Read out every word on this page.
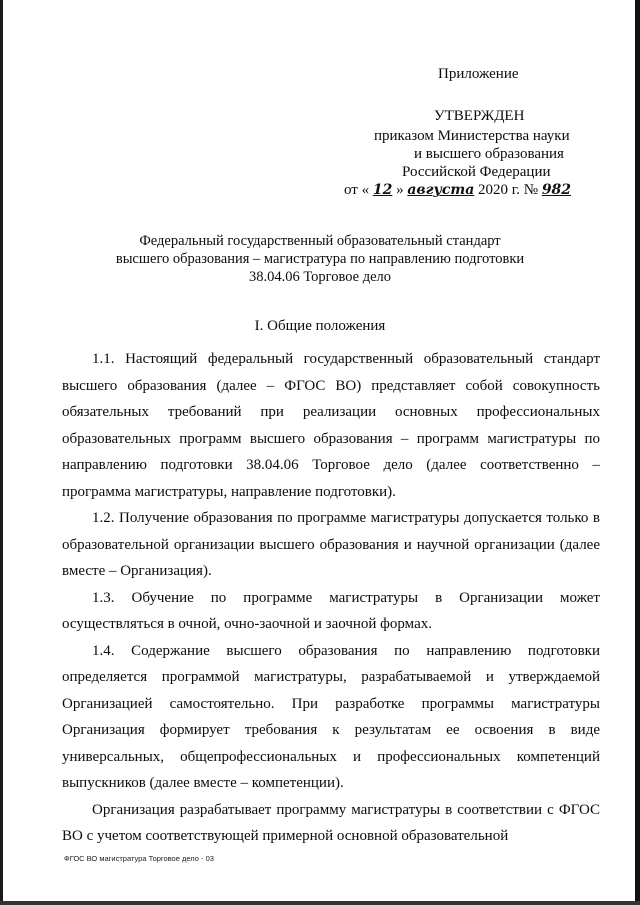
Приложение
УТВЕРЖДЕН
приказом Министерства науки
и высшего образования
Российской Федерации
от « 12 » августа 2020 г. № 982
Федеральный государственный образовательный стандарт
высшего образования – магистратура по направлению подготовки
38.04.06 Торговое дело
I. Общие положения

1.1. Настоящий федеральный государственный образовательный стандарт высшего образования (далее – ФГОС ВО) представляет собой совокупность обязательных требований при реализации основных профессиональных образовательных программ высшего образования – программ магистратуры по направлению подготовки 38.04.06 Торговое дело (далее соответственно – программа магистратуры, направление подготовки).

1.2. Получение образования по программе магистратуры допускается только в образовательной организации высшего образования и научной организации (далее вместе – Организация).

1.3. Обучение по программе магистратуры в Организации может осуществляться в очной, очно-заочной и заочной формах.

1.4. Содержание высшего образования по направлению подготовки определяется программой магистратуры, разрабатываемой и утверждаемой Организацией самостоятельно. При разработке программы магистратуры Организация формирует требования к результатам ее освоения в виде универсальных, общепрофессиональных и профессиональных компетенций выпускников (далее вместе – компетенции).

Организация разрабатывает программу магистратуры в соответствии с ФГОС ВО с учетом соответствующей примерной основной образовательной

ФГОС ВО магистратура Торговое дело - 03
